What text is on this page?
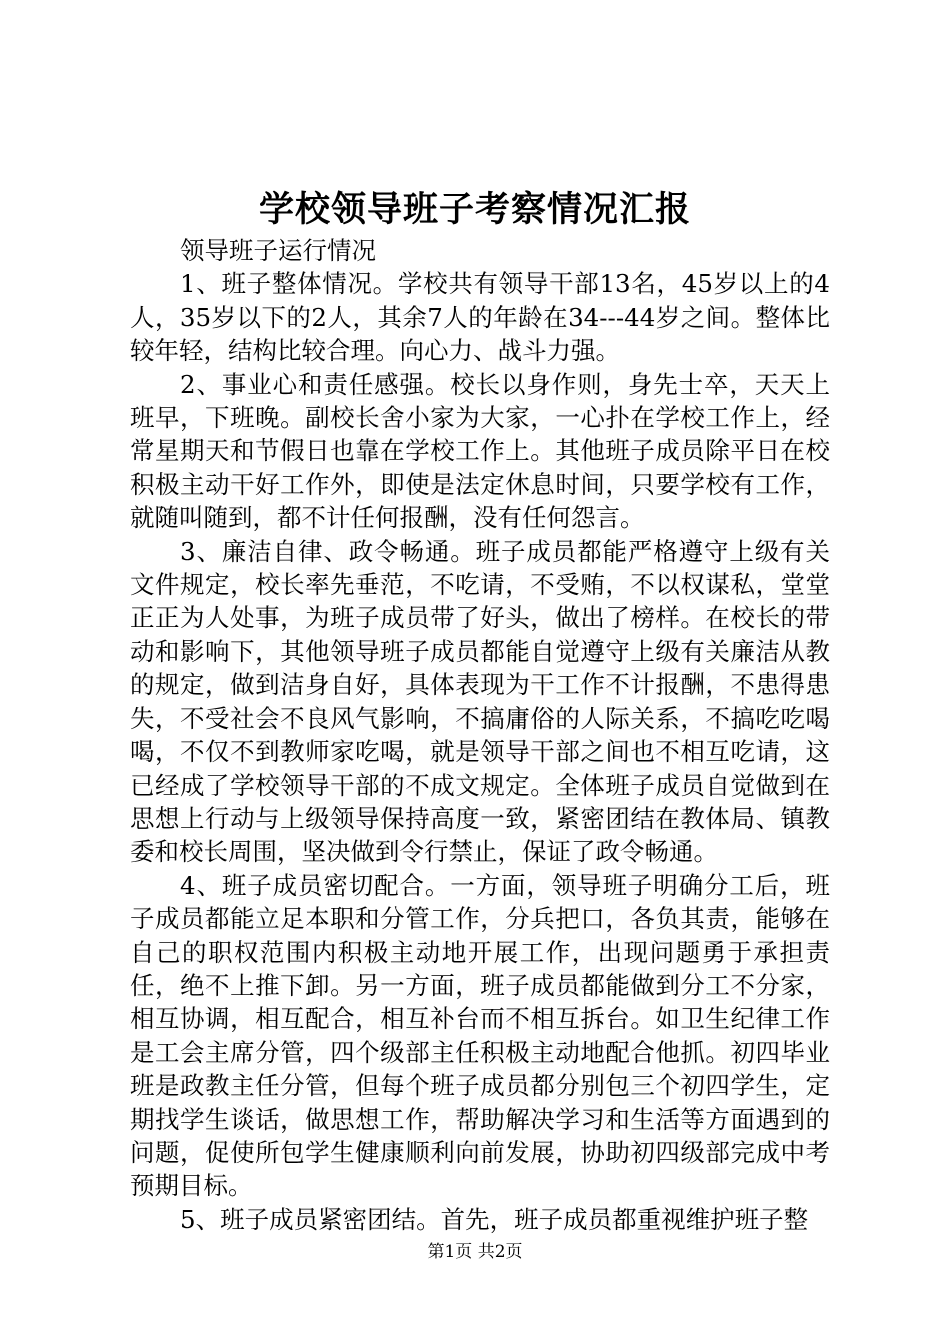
学校领导班子考察情况汇报

领导班子运行情况

1、班子整体情况。学校共有领导干部13名，45岁以上的4人，35岁以下的2人，其余7人的年龄在34---44岁之间。整体比较年轻，结构比较合理。向心力、战斗力强。

2、事业心和责任感强。校长以身作则，身先士卒，天天上班早，下班晚。副校长舍小家为大家，一心扑在学校工作上，经常星期天和节假日也靠在学校工作上。其他班子成员除平日在校积极主动干好工作外，即使是法定休息时间，只要学校有工作，就随叫随到，都不计任何报酬，没有任何怨言。

3、廉洁自律、政令畅通。班子成员都能严格遵守上级有关文件规定，校长率先垂范，不吃请，不受贿，不以权谋私，堂堂正正为人处事，为班子成员带了好头，做出了榜样。在校长的带动和影响下，其他领导班子成员都能自觉遵守上级有关廉洁从教的规定，做到洁身自好，具体表现为干工作不计报酬，不患得患失，不受社会不良风气影响，不搞庸俗的人际关系，不搞吃吃喝喝，不仅不到教师家吃喝，就是领导干部之间也不相互吃请，这已经成了学校领导干部的不成文规定。全体班子成员自觉做到在思想上行动与上级领导保持高度一致，紧密团结在教体局、镇教委和校长周围，坚决做到令行禁止，保证了政令畅通。

4、班子成员密切配合。一方面，领导班子明确分工后，班子成员都能立足本职和分管工作，分兵把口，各负其责，能够在自己的职权范围内积极主动地开展工作，出现问题勇于承担责任，绝不上推下卸。另一方面，班子成员都能做到分工不分家，相互协调，相互配合，相互补台而不相互拆台。如卫生纪律工作是工会主席分管，四个级部主任积极主动地配合他抓。初四毕业班是政教主任分管，但每个班子成员都分别包三个初四学生，定期找学生谈话，做思想工作，帮助解决学习和生活等方面遇到的问题，促使所包学生健康顺利向前发展，协助初四级部完成中考预期目标。

5、班子成员紧密团结。首先，班子成员都重视维护班子整

第1页 共2页
